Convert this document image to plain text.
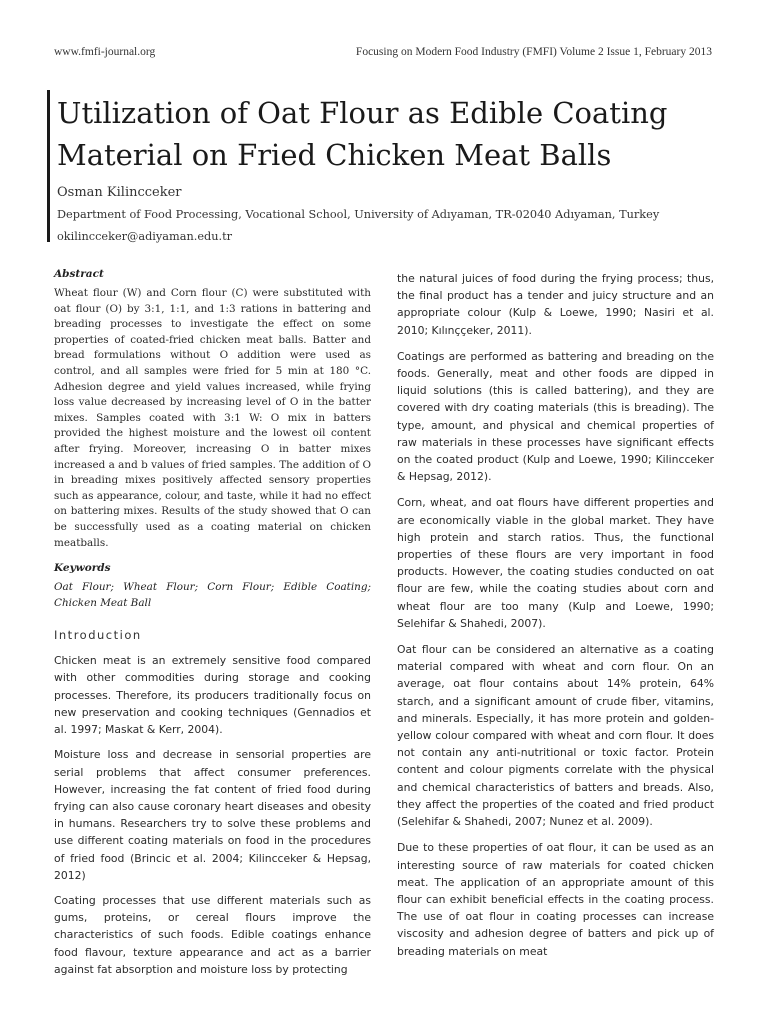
www.fmfi-journal.org	Focusing on Modern Food Industry (FMFI) Volume 2 Issue 1, February 2013
Utilization of Oat Flour as Edible Coating Material on Fried Chicken Meat Balls
Osman Kilincceker
Department of Food Processing, Vocational School, University of Adıyaman, TR-02040 Adıyaman, Turkey
okilincceker@adiyaman.edu.tr

Abstract

Wheat flour (W) and Corn flour (C) were substituted with oat flour (O) by 3:1, 1:1, and 1:3 rations in battering and breading processes to investigate the effect on some properties of coated-fried chicken meat balls. Batter and bread formulations without O addition were used as control, and all samples were fried for 5 min at 180 °C. Adhesion degree and yield values increased, while frying loss value decreased by increasing level of O in the batter mixes. Samples coated with 3:1 W: O mix in batters provided the highest moisture and the lowest oil content after frying. Moreover, increasing O in batter mixes increased a and b values of fried samples. The addition of O in breading mixes positively affected sensory properties such as appearance, colour, and taste, while it had no effect on battering mixes. Results of the study showed that O can be successfully used as a coating material on chicken meatballs.

Keywords

Oat Flour; Wheat Flour; Corn Flour; Edible Coating; Chicken Meat Ball

Introduction

Chicken meat is an extremely sensitive food compared with other commodities during storage and cooking processes. Therefore, its producers traditionally focus on new preservation and cooking techniques (Gennadios et al. 1997; Maskat & Kerr, 2004).

Moisture loss and decrease in sensorial properties are serial problems that affect consumer preferences. However, increasing the fat content of fried food during frying can also cause coronary heart diseases and obesity in humans. Researchers try to solve these problems and use different coating materials on food in the procedures of fried food (Brincic et al. 2004; Kilincceker & Hepsag, 2012)

Coating processes that use different materials such as gums, proteins, or cereal flours improve the characteristics of such foods. Edible coatings enhance food flavour, texture appearance and act as a barrier against fat absorption and moisture loss by protecting

the natural juices of food during the frying process; thus, the final product has a tender and juicy structure and an appropriate colour (Kulp & Loewe, 1990; Nasiri et al. 2010; Kılınççeker, 2011).

Coatings are performed as battering and breading on the foods. Generally, meat and other foods are dipped in liquid solutions (this is called battering), and they are covered with dry coating materials (this is breading). The type, amount, and physical and chemical properties of raw materials in these processes have significant effects on the coated product (Kulp and Loewe, 1990; Kilincceker & Hepsag, 2012).

Corn, wheat, and oat flours have different properties and are economically viable in the global market. They have high protein and starch ratios. Thus, the functional properties of these flours are very important in food products. However, the coating studies conducted on oat flour are few, while the coating studies about corn and wheat flour are too many (Kulp and Loewe, 1990; Selehifar & Shahedi, 2007).

Oat flour can be considered an alternative as a coating material compared with wheat and corn flour. On an average, oat flour contains about 14% protein, 64% starch, and a significant amount of crude fiber, vitamins, and minerals. Especially, it has more protein and golden-yellow colour compared with wheat and corn flour. It does not contain any anti-nutritional or toxic factor. Protein content and colour pigments correlate with the physical and chemical characteristics of batters and breads. Also, they affect the properties of the coated and fried product (Selehifar & Shahedi, 2007; Nunez et al. 2009).

Due to these properties of oat flour, it can be used as an interesting source of raw materials for coated chicken meat. The application of an appropriate amount of this flour can exhibit beneficial effects in the coating process. The use of oat flour in coating processes can increase viscosity and adhesion degree of batters and pick up of breading materials on meat
